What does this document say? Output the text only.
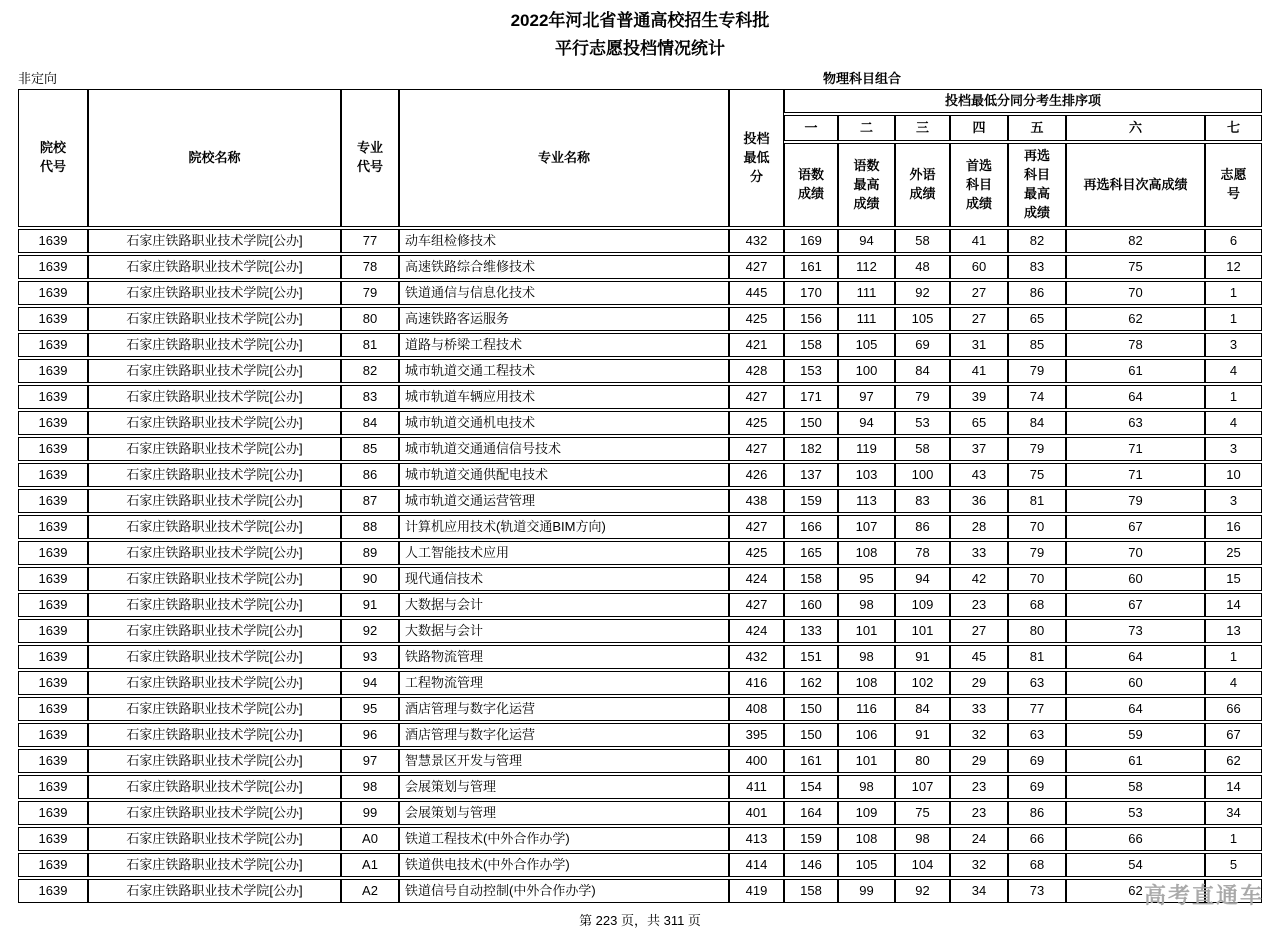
2022年河北省普通高校招生专科批
平行志愿投档情况统计
非定向	物理科目组合
院校代号	院校名称	专业代号	专业名称	投档最低分	投档最低分同分考生排序项						
					一	二	三	四	五	六	七

					语数成绩	语数最高成绩	外语成绩	首选科目成绩	再选科目最高成绩	再选科目次高成绩	志愿号

1639	石家庄铁路职业技术学院[公办]	77	动车组检修技术	432	169	94	58	41	82	82	6
1639	石家庄铁路职业技术学院[公办]	78	高速铁路综合维修技术	427	161	112	48	60	83	75	12
1639	石家庄铁路职业技术学院[公办]	79	铁道通信与信息化技术	445	170	111	92	27	86	70	1
1639	石家庄铁路职业技术学院[公办]	80	高速铁路客运服务	425	156	111	105	27	65	62	1
1639	石家庄铁路职业技术学院[公办]	81	道路与桥梁工程技术	421	158	105	69	31	85	78	3
1639	石家庄铁路职业技术学院[公办]	82	城市轨道交通工程技术	428	153	100	84	41	79	61	4
1639	石家庄铁路职业技术学院[公办]	83	城市轨道车辆应用技术	427	171	97	79	39	74	64	1
1639	石家庄铁路职业技术学院[公办]	84	城市轨道交通机电技术	425	150	94	53	65	84	63	4
1639	石家庄铁路职业技术学院[公办]	85	城市轨道交通通信信号技术	427	182	119	58	37	79	71	3
1639	石家庄铁路职业技术学院[公办]	86	城市轨道交通供配电技术	426	137	103	100	43	75	71	10
1639	石家庄铁路职业技术学院[公办]	87	城市轨道交通运营管理	438	159	113	83	36	81	79	3
1639	石家庄铁路职业技术学院[公办]	88	计算机应用技术(轨道交通BIM方向)	427	166	107	86	28	70	67	16
1639	石家庄铁路职业技术学院[公办]	89	人工智能技术应用	425	165	108	78	33	79	70	25
1639	石家庄铁路职业技术学院[公办]	90	现代通信技术	424	158	95	94	42	70	60	15
1639	石家庄铁路职业技术学院[公办]	91	大数据与会计	427	160	98	109	23	68	67	14
1639	石家庄铁路职业技术学院[公办]	92	大数据与会计	424	133	101	101	27	80	73	13
1639	石家庄铁路职业技术学院[公办]	93	铁路物流管理	432	151	98	91	45	81	64	1
1639	石家庄铁路职业技术学院[公办]	94	工程物流管理	416	162	108	102	29	63	60	4
1639	石家庄铁路职业技术学院[公办]	95	酒店管理与数字化运营	408	150	116	84	33	77	64	66
1639	石家庄铁路职业技术学院[公办]	96	酒店管理与数字化运营	395	150	106	91	32	63	59	67
1639	石家庄铁路职业技术学院[公办]	97	智慧景区开发与管理	400	161	101	80	29	69	61	62
1639	石家庄铁路职业技术学院[公办]	98	会展策划与管理	411	154	98	107	23	69	58	14
1639	石家庄铁路职业技术学院[公办]	99	会展策划与管理	401	164	109	75	23	86	53	34
1639	石家庄铁路职业技术学院[公办]	A0	铁道工程技术(中外合作办学)	413	159	108	98	24	66	66	1
1639	石家庄铁路职业技术学院[公办]	A1	铁道供电技术(中外合作办学)	414	146	105	104	32	68	54	5
1639	石家庄铁路职业技术学院[公办]	A2	铁道信号自动控制(中外合作办学)	419	158	99	92	34	73	62	
第 223 页，共 311 页
高考直通车
